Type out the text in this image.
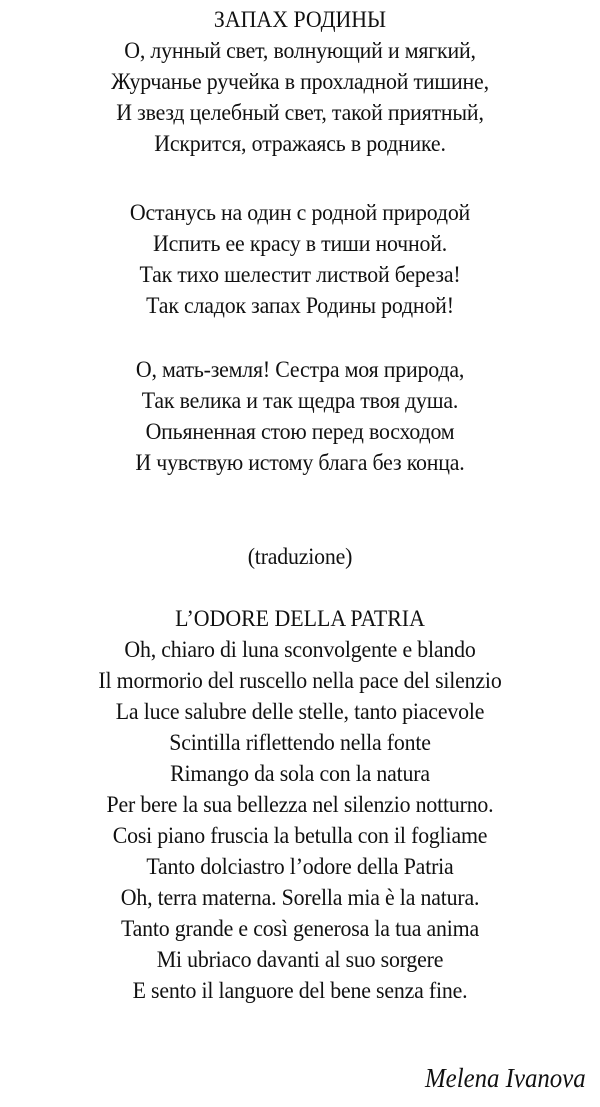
ЗАПАХ РОДИНЫ
О, лунный свет, волнующий и мягкий,
Журчанье ручейка в прохладной тишине,
И звезд целебный свет, такой приятный,
Искрится, отражаясь в роднике.
Останусь на один с родной природой
Испить ее красу в тиши ночной.
Так тихо шелестит листвой береза!
Так сладок запах Родины родной!
О, мать-земля! Сестра моя природа,
Так велика и так щедра твоя душа.
Опьяненная стою перед восходом
И чувствую истому блага без конца.
(traduzione)
L’ODORE DELLA PATRIA
Oh, chiaro di luna sconvolgente e blando
Il mormorio del ruscello nella pace del silenzio
La luce salubre delle stelle, tanto piacevole
Scintilla riflettendo nella fonte
Rimango da sola con la natura
Per bere la sua bellezza nel silenzio notturno.
Cosi piano fruscia la betulla con il fogliame
Tanto dolciastro l’odore della Patria
Oh, terra materna. Sorella mia è la natura.
Tanto grande e così generosa la tua anima
Mi ubriaco davanti al suo sorgere
E sento il languore del bene senza fine.
Melena Ivanova
